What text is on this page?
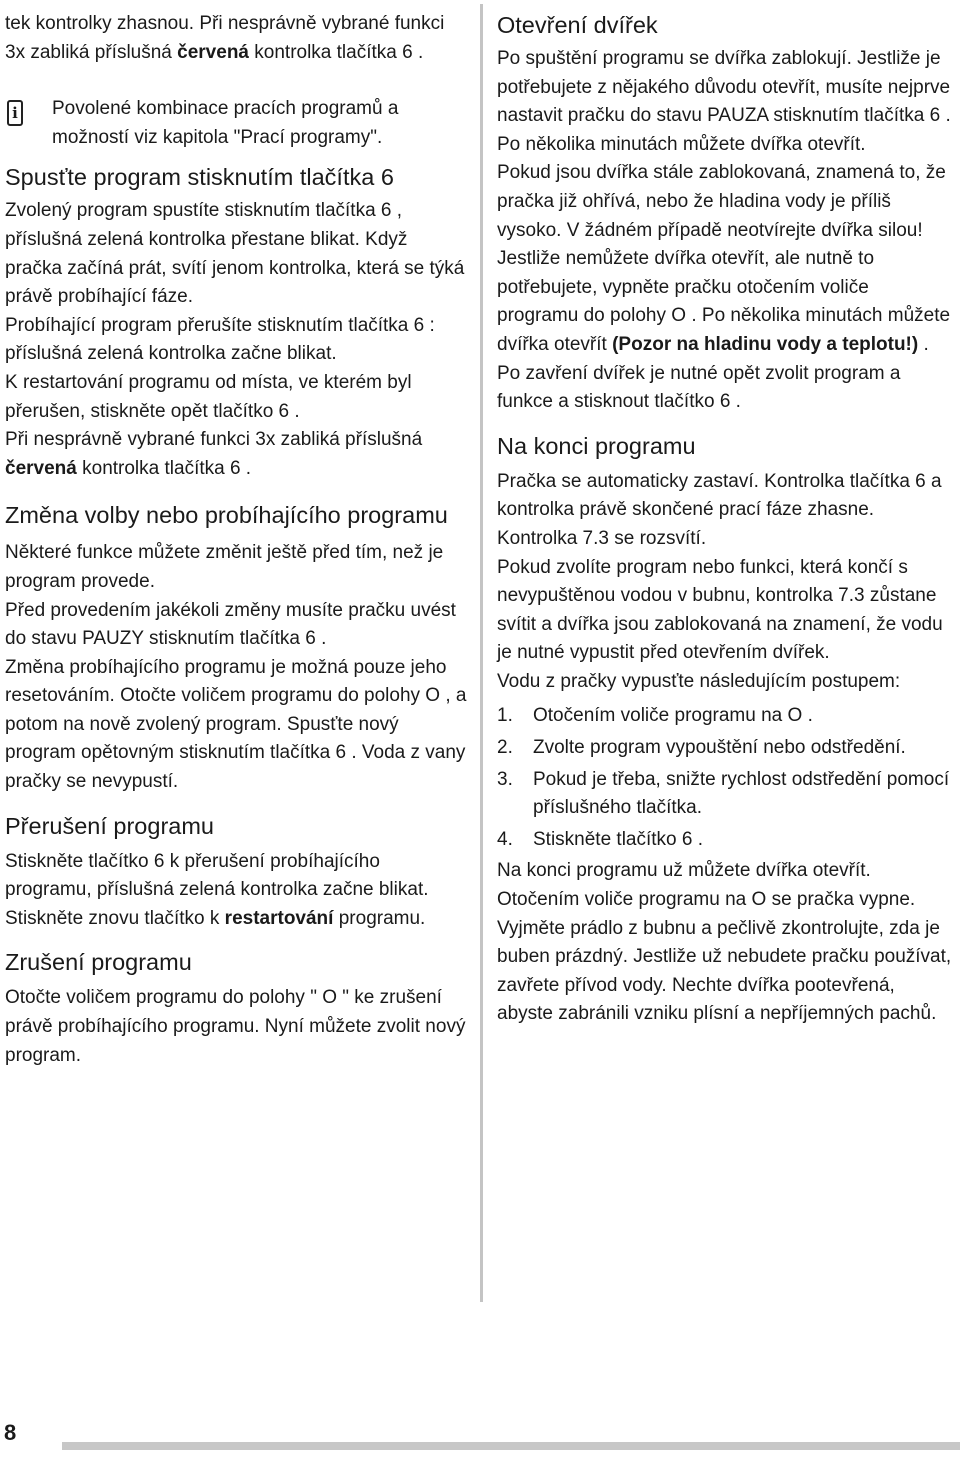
tek kontrolky zhasnou. Při nesprávně vybrané funkci 3x zabliká příslušná červená kontrolka tlačítka 6 .

i Povolené kombinace pracích programů a možností viz kapitola "Prací programy".

Spusťte program stisknutím tlačítka 6

Zvolený program spustíte stisknutím tlačítka 6 , příslušná zelená kontrolka přestane blikat. Když pračka začíná prát, svítí jenom kontrolka, která se týká právě probíhající fáze.

Probíhající program přerušíte stisknutím tlačítka 6 : příslušná zelená kontrolka začne blikat.

K restartování programu od místa, ve kterém byl přerušen, stiskněte opět tlačítko 6 .

Při nesprávně vybrané funkci 3x zabliká příslušná červená kontrolka tlačítka 6 .

Změna volby nebo probíhajícího programu

Některé funkce můžete změnit ještě před tím, než je program provede.

Před provedením jakékoli změny musíte pračku uvést do stavu PAUZY stisknutím tlačítka 6 .

Změna probíhajícího programu je možná pouze jeho resetováním. Otočte voličem programu do polohy O , a potom na nově zvolený program. Spusťte nový program opětovným stisknutím tlačítka 6 . Voda z vany pračky se nevypustí.

Přerušení programu

Stiskněte tlačítko 6 k přerušení probíhajícího programu, příslušná zelená kontrolka začne blikat.

Stiskněte znovu tlačítko k restartování programu.

Zrušení programu

Otočte voličem programu do polohy " O " ke zrušení právě probíhajícího programu. Nyní můžete zvolit nový program.

Otevření dvířek

Po spuštění programu se dvířka zablokují. Jestliže je potřebujete z nějakého důvodu otevřít, musíte nejprve nastavit pračku do stavu PAUZA stisknutím tlačítka 6 . Po několika minutách můžete dvířka otevřít.

Pokud jsou dvířka stále zablokovaná, znamená to, že pračka již ohřívá, nebo že hladina vody je příliš vysoko. V žádném případě neotvírejte dvířka silou!

Jestliže nemůžete dvířka otevřít, ale nutně to potřebujete, vypněte pračku otočením voliče programu do polohy O . Po několika minutách můžete dvířka otevřít (Pozor na hladinu vody a teplotu!) .

Po zavření dvířek je nutné opět zvolit program a funkce a stisknout tlačítko 6 .

Na konci programu

Pračka se automaticky zastaví. Kontrolka tlačítka 6 a kontrolka právě skončené prací fáze zhasne. Kontrolka 7.3 se rozsvítí.

Pokud zvolíte program nebo funkci, která končí s nevypuštěnou vodou v bubnu, kontrolka 7.3 zůstane svítit a dvířka jsou zablokovaná na znamení, že vodu je nutné vypustit před otevřením dvířek.

Vodu z pračky vypusťte následujícím postupem:

1. Otočením voliče programu na O .
2. Zvolte program vypouštění nebo odstředění.
3. Pokud je třeba, snižte rychlost odstředění pomocí příslušného tlačítka.
4. Stiskněte tlačítko 6 .

Na konci programu už můžete dvířka otevřít. Otočením voliče programu na O se pračka vypne.

Vyjměte prádlo z bubnu a pečlivě zkontrolujte, zda je buben prázdný. Jestliže už nebudete pračku používat, zavřete přívod vody. Nechte dvířka pootevřená, abyste zabránili vzniku plísní a nepříjemných pachů.

8
